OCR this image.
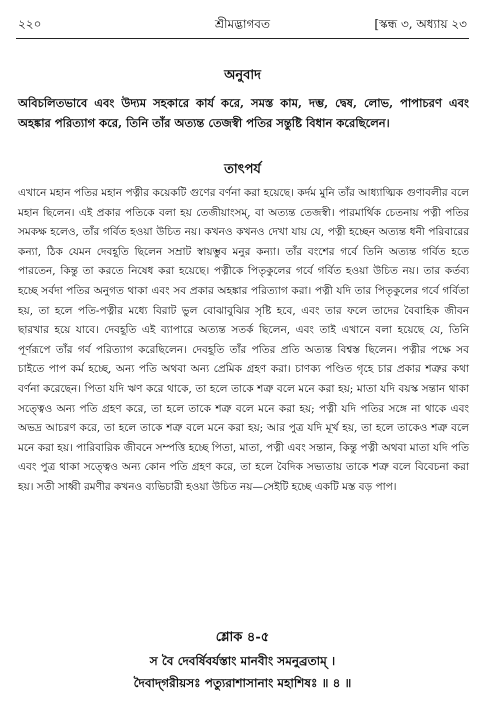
২২০	শ্রীমদ্ভাগবত	[স্কন্ধ ৩, অধ্যায় ২৩
অনুবাদ
অবিচলিতভাবে এবং উদ্যম সহকারে কার্য করে, সমস্ত কাম, দম্ভ, দ্বেষ, লোভ, পাপাচরণ এবং অহঙ্কার পরিত্যাগ করে, তিনি তাঁর অত্যন্ত তেজস্বী পতির সন্তুষ্টি বিধান করেছিলেন।
তাৎপর্য
এখানে মহান পতির মহান পত্নীর কয়েকটি গুণের বর্ণনা করা হয়েছে। কর্দম মুনি তাঁর আধ্যাত্মিক গুণাবলীর বলে মহান ছিলেন। এই প্রকার পতিকে বলা হয় তেজীয়াংসম্‌, বা অত্যন্ত তেজস্বী। পারমার্থিক চেতনায় পত্নী পতির সমকক্ষ হলেও, তাঁর গর্বিত হওয়া উচিত নয়। কখনও কখনও দেখা যায় যে, পত্নী হচ্ছেন অত্যন্ত ধনী পরিবারের কন্যা, ঠিক যেমন দেবহূতি ছিলেন সম্রাট স্বায়ম্ভুব মনুর কন্যা। তাঁর বংশের গর্বে তিনি অত্যন্ত গর্বিত হতে পারতেন, কিন্তু তা করতে নিষেধ করা হয়েছে। পত্নীকে পিতৃকুলের গর্বে গর্বিত হওয়া উচিত নয়। তার কর্তব্য হচ্ছে সর্বদা পতির অনুগত থাকা এবং সব প্রকার অহঙ্কার পরিত্যাগ করা। পত্নী যদি তার পিতৃকুলের গর্বে গর্বিতা হয়, তা হলে পতি-পত্নীর মধ্যে বিরাট ভুল বোঝাবুঝির সৃষ্টি হবে, এবং তার ফলে তাদের বৈবাহিক জীবন ছারখার হয়ে যাবে। দেবহূতি এই ব্যাপারে অত্যন্ত সতর্ক ছিলেন, এবং তাই এখানে বলা হয়েছে যে, তিনি পূর্ণরূপে তাঁর গর্ব পরিত্যাগ করেছিলেন। দেবহূতি তাঁর পতির প্রতি অত্যন্ত বিশ্বস্ত ছিলেন। পত্নীর পক্ষে সব চাইতে পাপ কর্ম হচ্ছে, অন্য পতি অথবা অন্য প্রেমিক গ্রহণ করা। চাণক্য পণ্ডিত গৃহে চার প্রকার শত্রুর কথা বর্ণনা করেছেন। পিতা যদি ঋণ করে থাকে, তা হলে তাকে শত্রু বলে মনে করা হয়; মাতা যদি বয়স্ক সন্তান থাকা সত্ত্বেও অন্য পতি গ্রহণ করে, তা হলে তাকে শত্রু বলে মনে করা হয়; পত্নী যদি পতির সঙ্গে না থাকে এবং অভদ্র আচরণ করে, তা হলে তাকে শত্রু বলে মনে করা হয়; আর পুত্র যদি মূর্খ হয়, তা হলে তাকেও শত্রু বলে মনে করা হয়। পারিবারিক জীবনে সম্পত্তি হচ্ছে পিতা, মাতা, পত্নী এবং সন্তান, কিন্তু পত্নী অথবা মাতা যদি পতি এবং পুত্র থাকা সত্ত্বেও অন্য কোন পতি গ্রহণ করে, তা হলে বৈদিক সভ্যতায় তাকে শত্রু বলে বিবেচনা করা হয়। সতী সাধ্বী রমণীর কখনও ব্যভিচারী হওয়া উচিত নয়—সেইটি হচ্ছে একটি মস্ত বড় পাপ।
শ্লোক ৪-৫
স বৈ দেবর্ষিবর্যস্তাং মানবীং সমনুব্রতাম্‌ ।
দৈবাদ্‌গরীয়সঃ পত্যুরাশাসানাং মহাশিষঃ ॥ ৪ ॥
